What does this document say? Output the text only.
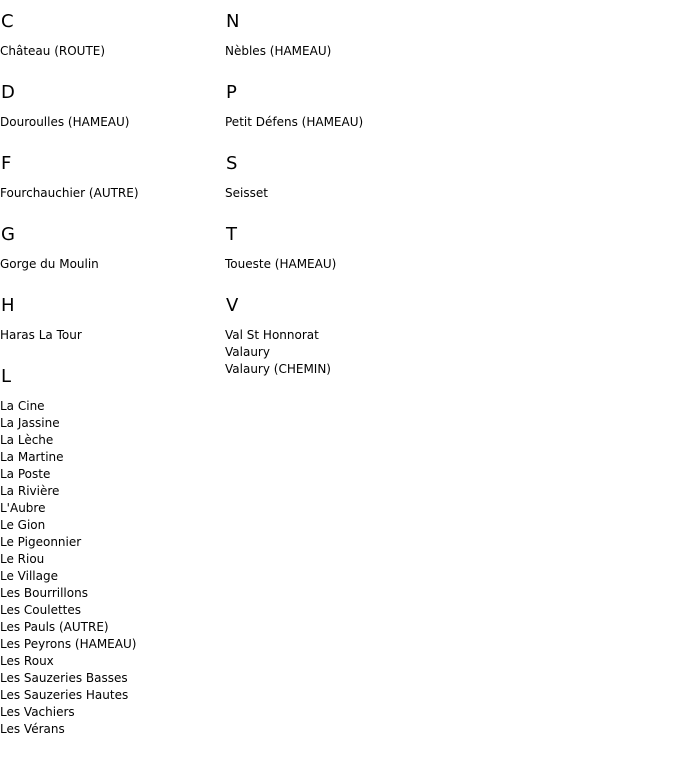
C
Château (ROUTE)
D
Douroulles (HAMEAU)
F
Fourchauchier (AUTRE)
G
Gorge du Moulin
H
Haras La Tour
L
La Cine
La Jassine
La Lèche
La Martine
La Poste
La Rivière
L'Aubre
Le Gion
Le Pigeonnier
Le Riou
Le Village
Les Bourrillons
Les Coulettes
Les Pauls (AUTRE)
Les Peyrons (HAMEAU)
Les Roux
Les Sauzeries Basses
Les Sauzeries Hautes
Les Vachiers
Les Vérans
N
Nèbles (HAMEAU)
P
Petit Défens (HAMEAU)
S
Seisset
T
Toueste (HAMEAU)
V
Val St Honnorat
Valaury
Valaury (CHEMIN)
